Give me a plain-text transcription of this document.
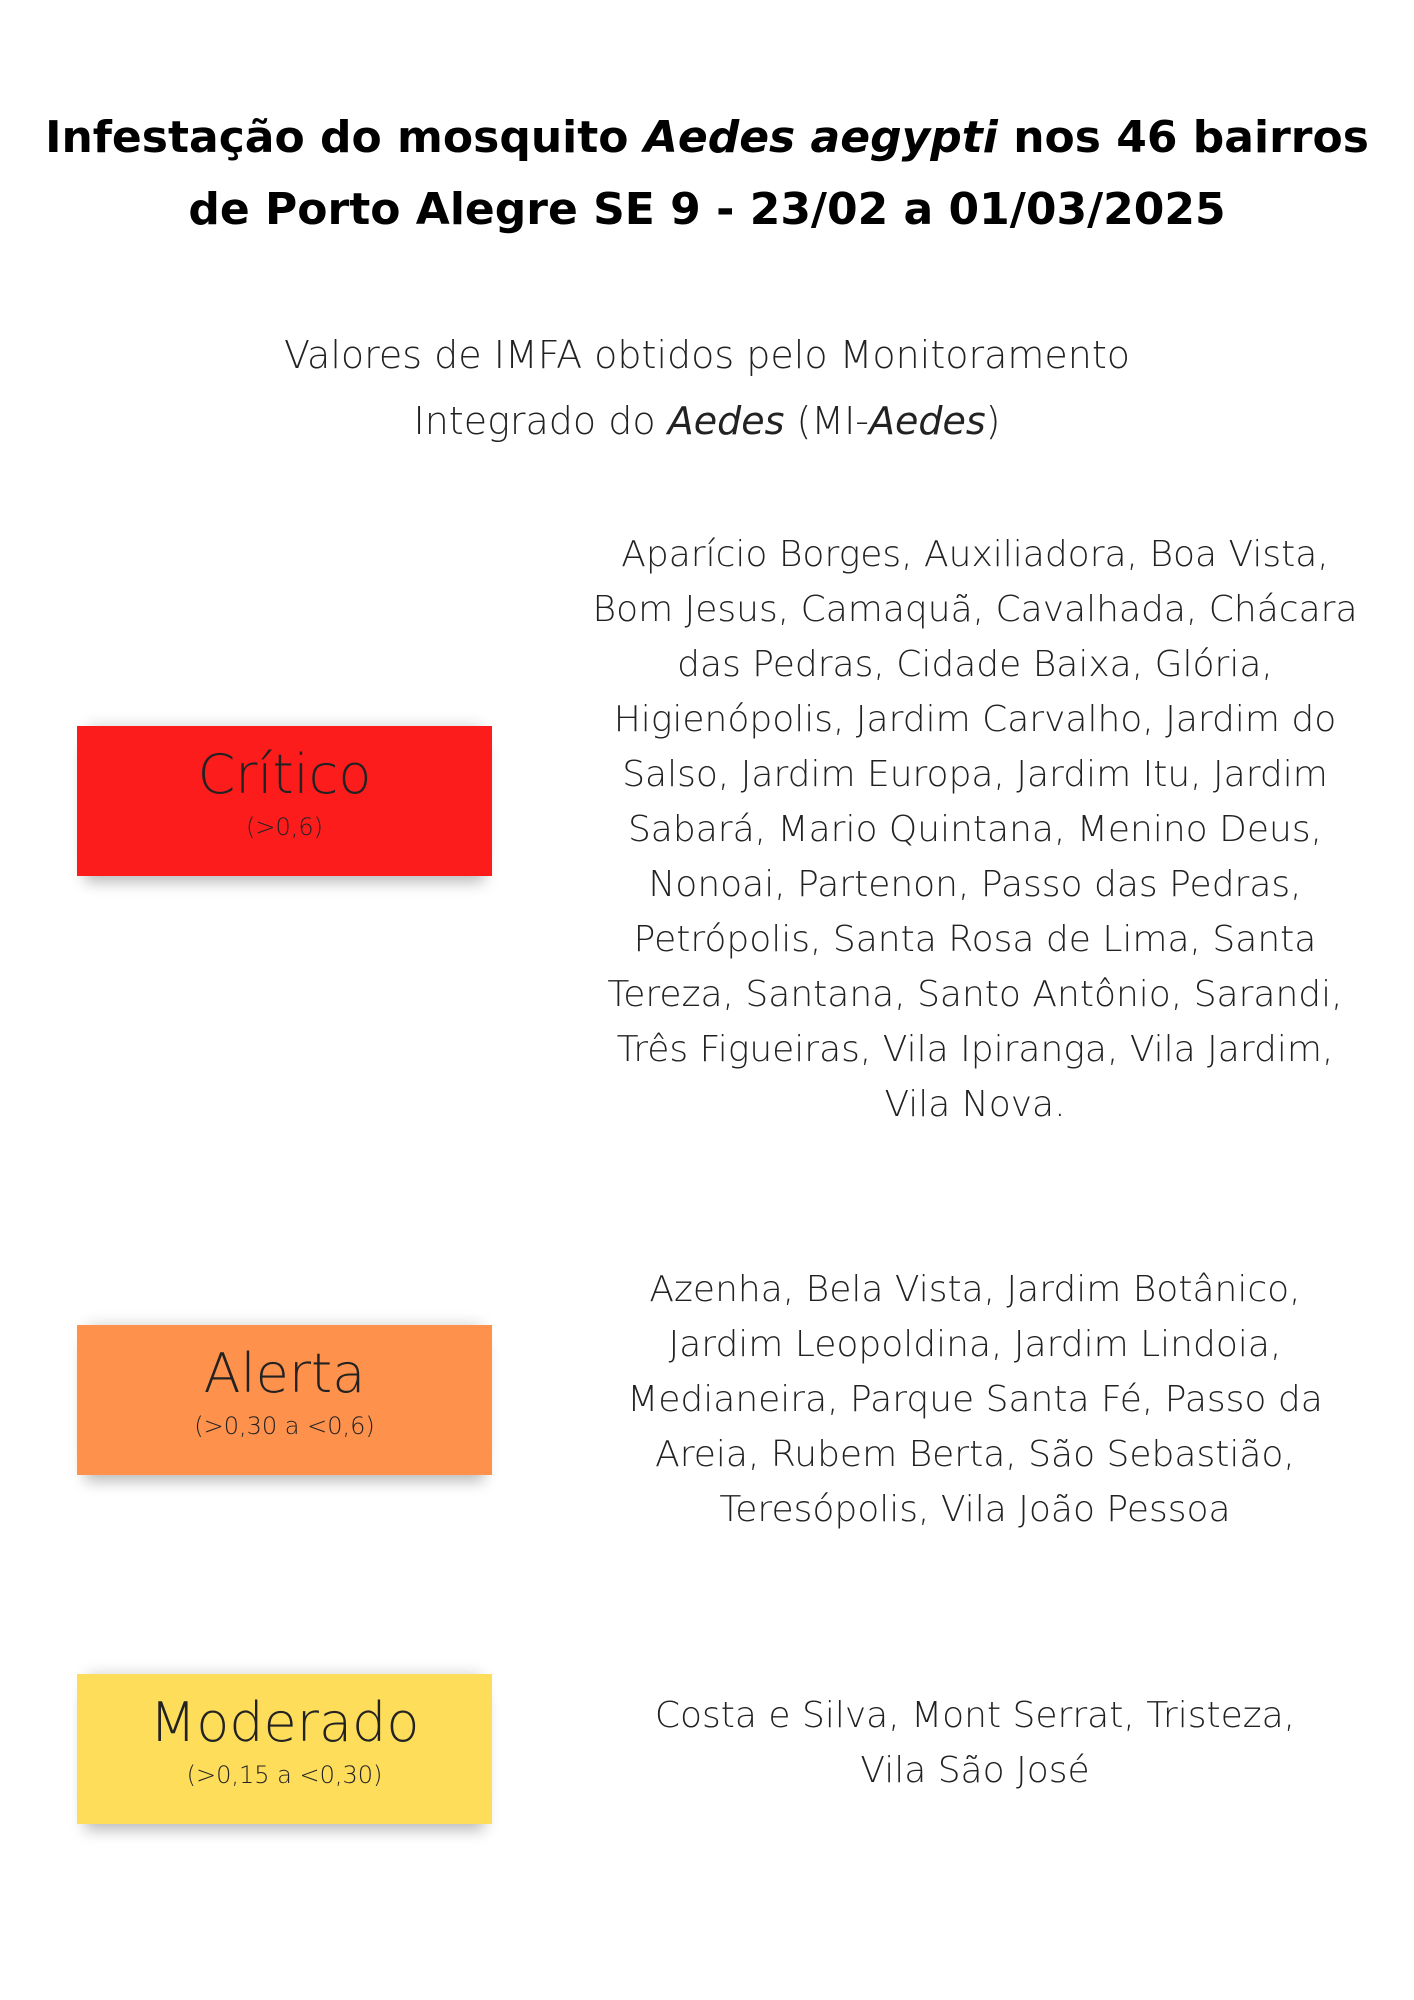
Infestação do mosquito Aedes aegypti nos 46 bairros
de Porto Alegre SE 9 - 23/02 a 01/03/2025
Valores de IMFA obtidos pelo Monitoramento
Integrado do Aedes (MI-Aedes)
Crítico
(>0,6)
Aparício Borges, Auxiliadora, Boa Vista,
Bom Jesus, Camaquã, Cavalhada, Chácara
das Pedras, Cidade Baixa, Glória,
Higienópolis, Jardim Carvalho, Jardim do
Salso, Jardim Europa, Jardim Itu, Jardim
Sabará, Mario Quintana, Menino Deus,
Nonoai, Partenon, Passo das Pedras,
Petrópolis, Santa Rosa de Lima, Santa
Tereza, Santana, Santo Antônio, Sarandi,
Três Figueiras, Vila Ipiranga, Vila Jardim,
Vila Nova.
Alerta
(>0,30 a <0,6)
Azenha, Bela Vista, Jardim Botânico,
Jardim Leopoldina, Jardim Lindoia,
Medianeira, Parque Santa Fé, Passo da
Areia, Rubem Berta, São Sebastião,
Teresópolis, Vila João Pessoa
Moderado
(>0,15 a <0,30)
Costa e Silva, Mont Serrat, Tristeza,
Vila São José
